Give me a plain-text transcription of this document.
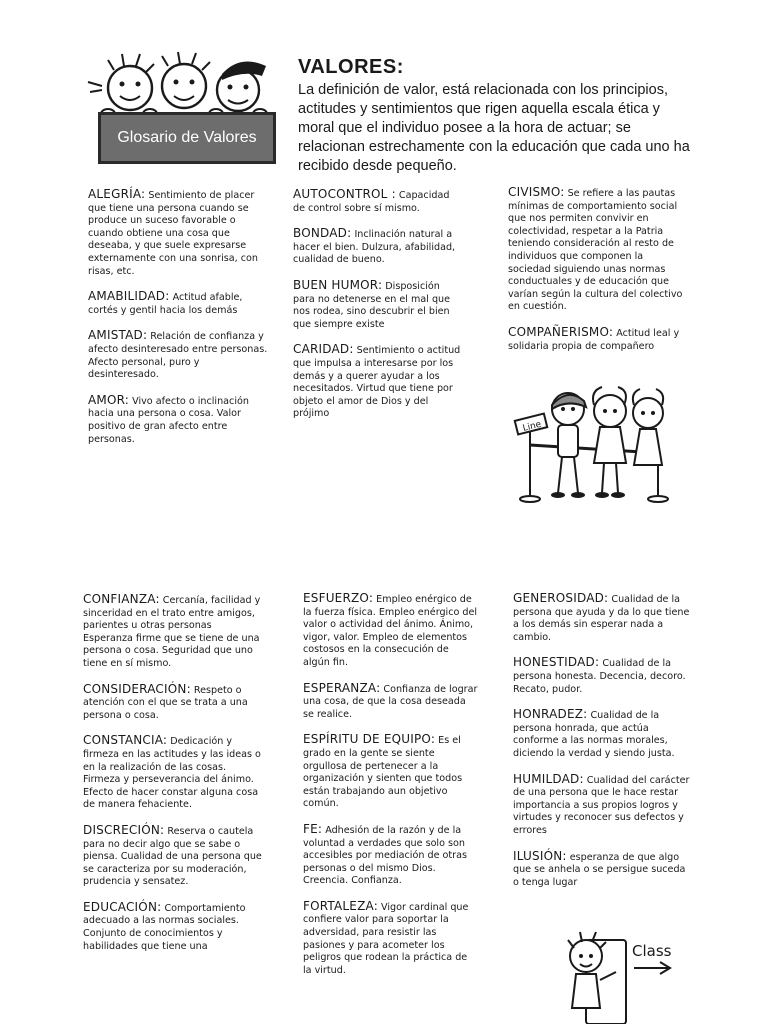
Glosario de Valores
VALORES:
La definición de valor, está relacionada con los principios, actitudes y sentimientos que rigen aquella escala ética y moral que el individuo posee a la hora de actuar; se relacionan estrechamente con la educación que cada uno ha recibido desde pequeño.
ALEGRÍA: Sentimiento de placer que tiene una persona cuando se produce un suceso favorable o cuando obtiene una cosa que deseaba, y que suele expresarse externamente con una sonrisa, con risas, etc.
AMABILIDAD: Actitud afable, cortés y gentil hacia los demás
AMISTAD: Relación de confianza y afecto desinteresado entre personas. Afecto personal, puro y desinteresado.
AMOR: Vivo afecto o inclinación hacia una persona o cosa. Valor positivo de gran afecto entre personas.
AUTOCONTROL : Capacidad de control sobre sí mismo.
BONDAD: Inclinación natural a hacer el bien. Dulzura, afabilidad, cualidad de bueno.
BUEN HUMOR: Disposición para no detenerse en el mal que nos rodea, sino descubrir el bien que siempre existe
CARIDAD: Sentimiento o actitud que impulsa a interesarse por los demás y a querer ayudar a los necesitados. Virtud que tiene por objeto el amor de Dios y del prójimo
CIVISMO: Se refiere a las pautas mínimas de comportamiento social que nos permiten convivir en colectividad, respetar a la Patria teniendo consideración al resto de individuos que componen la sociedad siguiendo unas normas conductuales y de educación que varían según la cultura del colectivo en cuestión.
COMPAÑERISMO: Actitud leal y solidaria propia de compañero
CONFIANZA: Cercanía, facilidad y sinceridad en el trato entre amigos, parientes u otras personas Esperanza firme que se tiene de una persona o cosa. Seguridad que uno tiene en sí mismo.
CONSIDERACIÓN: Respeto o atención con el que se trata a una persona o cosa.
CONSTANCIA: Dedicación y firmeza en las actitudes y las ideas o en la realización de las cosas. Firmeza y perseverancia del ánimo. Efecto de hacer constar alguna cosa de manera fehaciente.
DISCRECIÓN: Reserva o cautela para no decir algo que se sabe o piensa. Cualidad de una persona que se caracteriza por su moderación, prudencia y sensatez.
EDUCACIÓN: Comportamiento adecuado a las normas sociales. Conjunto de conocimientos y habilidades que tiene una
ESFUERZO: Empleo enérgico de la fuerza física. Empleo enérgico del valor o actividad del ánimo. Ánimo, vigor, valor. Empleo de elementos costosos en la consecución de algún fin.
ESPERANZA: Confianza de lograr una cosa, de que la cosa deseada se realice.
ESPÍRITU DE EQUIPO: Es el grado en la gente se siente orgullosa de pertenecer a la organización y sienten que todos están trabajando aun objetivo común.
FE: Adhesión de la razón y de la voluntad a verdades que solo son accesibles por mediación de otras personas o del mismo Dios. Creencia. Confianza.
FORTALEZA: Vigor cardinal que confiere valor para soportar la adversidad, para resistir las pasiones y para acometer los peligros que rodean la práctica de la virtud.
GENEROSIDAD: Cualidad de la persona que ayuda y da lo que tiene a los demás sin esperar nada a cambio.
HONESTIDAD: Cualidad de la persona honesta. Decencia, decoro. Recato, pudor.
HONRADEZ: Cualidad de la persona honrada, que actúa conforme a las normas morales, diciendo la verdad y siendo justa.
HUMILDAD: Cualidad del carácter de una persona que le hace restar importancia a sus propios logros y virtudes y reconocer sus defectos y errores
ILUSIÓN: esperanza de que algo que se anhela o se persigue suceda o tenga lugar
Line
Class
